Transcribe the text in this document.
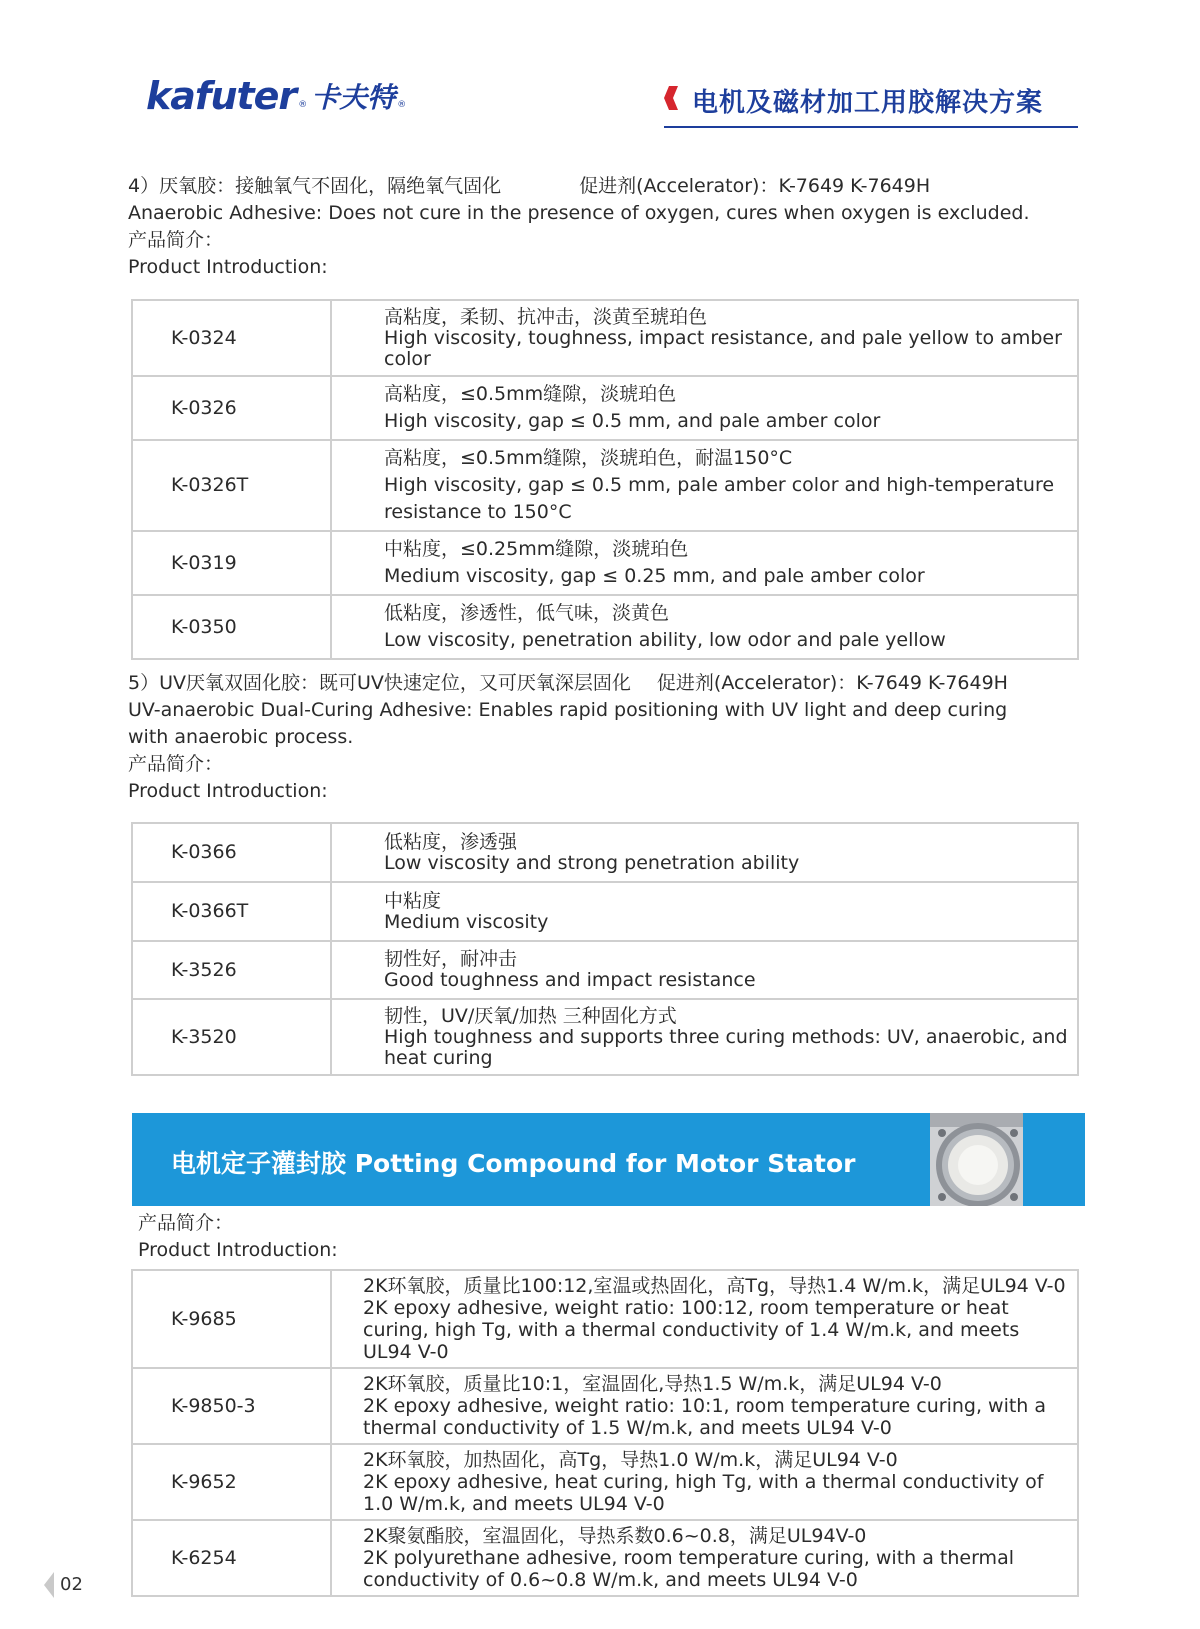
kafuter ® 卡夫特 ®	电机及磁材加工用胶解决方案
4）厌氧胶：接触氧气不固化，隔绝氧气固化	促进剂(Accelerator)：K-7649 K-7649H
Anaerobic Adhesive: Does not cure in the presence of oxygen, cures when oxygen is excluded.
产品简介：
Product Introduction:
K-0324	高粘度，柔韧、抗冲击，淡黄至琥珀色
High viscosity, toughness, impact resistance, and pale yellow to amber color

K-0326	高粘度，≤0.5mm缝隙，淡琥珀色
High viscosity, gap ≤ 0.5 mm, and pale amber color

K-0326T	高粘度，≤0.5mm缝隙，淡琥珀色，耐温150°C
High viscosity, gap ≤ 0.5 mm, pale amber color and high-temperature resistance to 150°C

K-0319	中粘度，≤0.25mm缝隙，淡琥珀色
Medium viscosity, gap ≤ 0.25 mm, and pale amber color

K-0350	低粘度，渗透性，低气味，淡黄色
Low viscosity, penetration ability, low odor and pale yellow
5）UV厌氧双固化胶：既可UV快速定位，又可厌氧深层固化 促进剂(Accelerator)：K-7649 K-7649H
UV-anaerobic Dual-Curing Adhesive: Enables rapid positioning with UV light and deep curing
with anaerobic process.
产品简介：
Product Introduction:
K-0366	低粘度，渗透强
Low viscosity and strong penetration ability

K-0366T	中粘度
Medium viscosity

K-3526	韧性好，耐冲击
Good toughness and impact resistance

K-3520	韧性，UV/厌氧/加热 三种固化方式
High toughness and supports three curing methods: UV, anaerobic, and heat curing
电机定子灌封胶 Potting Compound for Motor Stator
产品简介：
Product Introduction:
K-9685	2K环氧胶，质量比100:12,室温或热固化，高Tg，导热1.4 W/m.k，满足UL94 V-0
2K epoxy adhesive, weight ratio: 100:12, room temperature or heat curing, high Tg, with a thermal conductivity of 1.4 W/m.k, and meets UL94 V-0

K-9850-3	2K环氧胶，质量比10:1，室温固化,导热1.5 W/m.k，满足UL94 V-0
2K epoxy adhesive, weight ratio: 10:1, room temperature curing, with a thermal conductivity of 1.5 W/m.k, and meets UL94 V-0

K-9652	2K环氧胶，加热固化，高Tg，导热1.0 W/m.k，满足UL94 V-0
2K epoxy adhesive, heat curing, high Tg, with a thermal conductivity of 1.0 W/m.k, and meets UL94 V-0

K-6254	2K聚氨酯胶，室温固化，导热系数0.6~0.8，满足UL94V-0
2K polyurethane adhesive, room temperature curing, with a thermal conductivity of 0.6~0.8 W/m.k, and meets UL94 V-0
02
